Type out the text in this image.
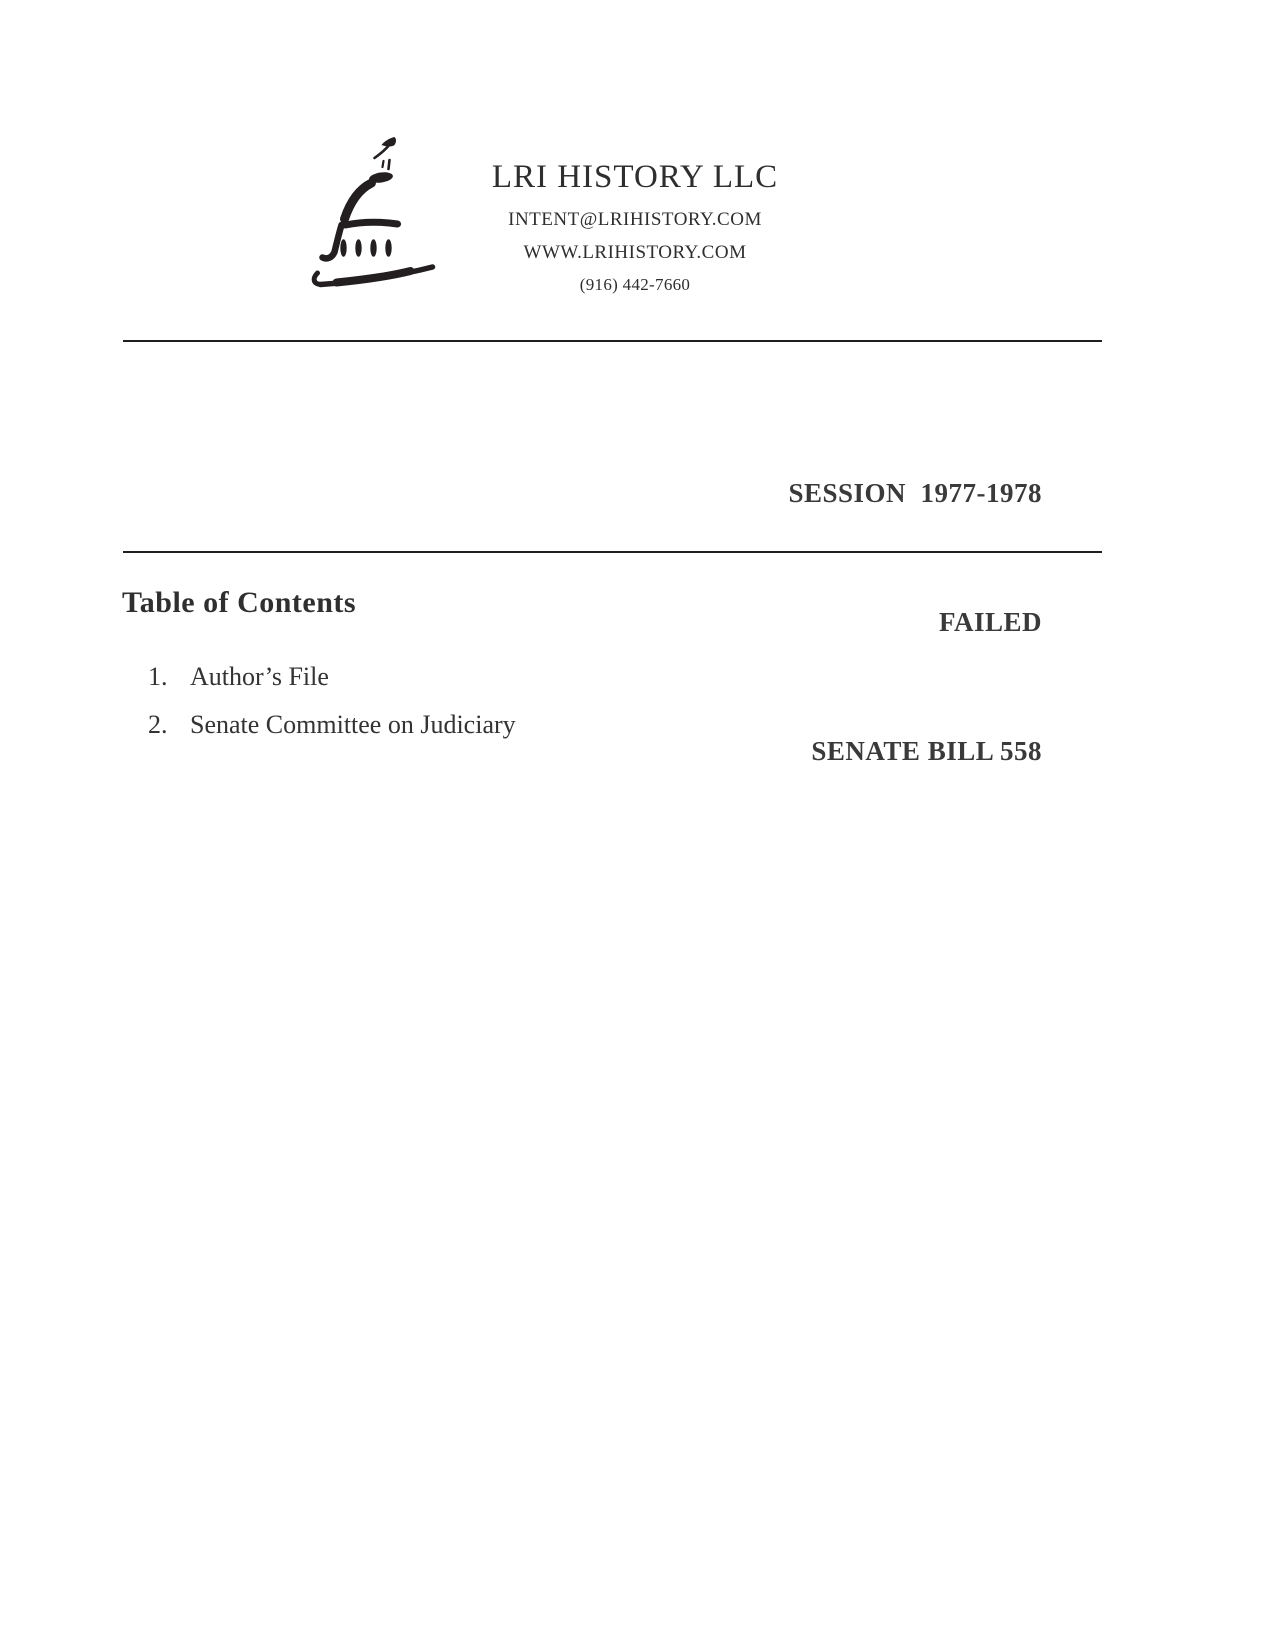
LRI HISTORY LLC
INTENT@LRIHISTORY.COM
WWW.LRIHISTORY.COM
(916) 442-7660

SESSION  1977-1978

FAILED

SENATE BILL 558

Table of Contents
1. Author’s File
2. Senate Committee on Judiciary
